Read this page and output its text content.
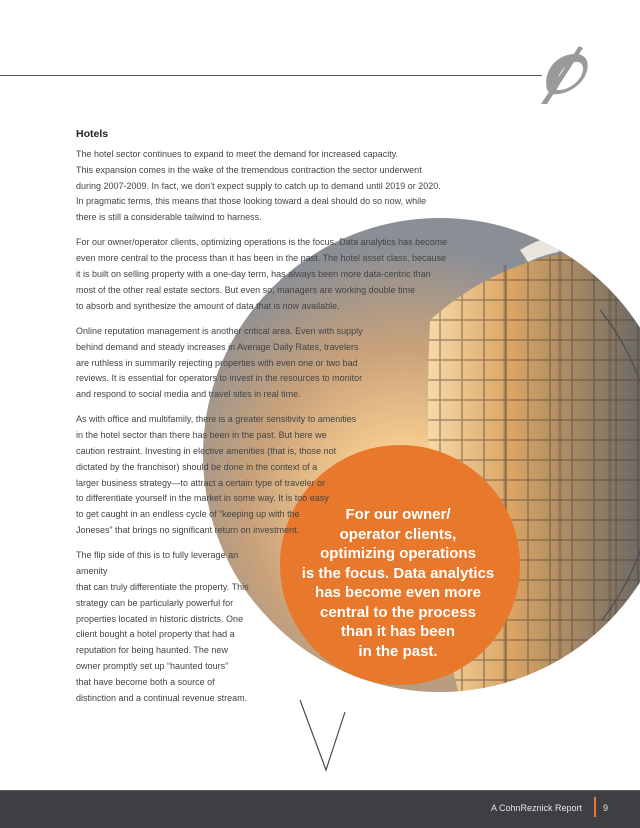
Hotels

The hotel sector continues to expand to meet the demand for increased capacity.
This expansion comes in the wake of the tremendous contraction the sector underwent
during 2007-2009. In fact, we don’t expect supply to catch up to demand until 2019 or 2020.
In pragmatic terms, this means that those looking toward a deal should do so now, while
there is still a considerable tailwind to harness.

For our owner/operator clients, optimizing operations is the focus. Data analytics has become
even more central to the process than it has been in the past. The hotel asset class, because
it is built on selling property with a one-day term, has always been more data-centric than
most of the other real estate sectors. But even so, managers are working double time
to absorb and synthesize the amount of data that is now available.

Online reputation management is another critical area. Even with supply
behind demand and steady increases in Average Daily Rates, travelers
are ruthless in summarily rejecting properties with even one or two bad
reviews. It is essential for operators to invest in the resources to monitor
and respond to social media and travel sites in real time.

As with office and multifamily, there is a greater sensitivity to amenities
in the hotel sector than there has been in the past. But here we
caution restraint. Investing in elective amenities (that is, those not
dictated by the franchisor) should be done in the context of a
larger business strategy—to attract a certain type of traveler or
to differentiate yourself in the market in some way. It is too easy
to get caught in an endless cycle of “keeping up with the
Joneses” that brings no significant return on investment.

The flip side of this is to fully leverage an amenity
that can truly differentiate the property. This
strategy can be particularly powerful for
properties located in historic districts. One
client bought a hotel property that had a
reputation for being haunted. The new
owner promptly set up “haunted tours”
that have become both a source of
distinction and a continual revenue stream.

For our owner/
operator clients,
optimizing operations
is the focus. Data analytics
has become even more
central to the process
than it has been
in the past.
A CohnReznick Report 9
